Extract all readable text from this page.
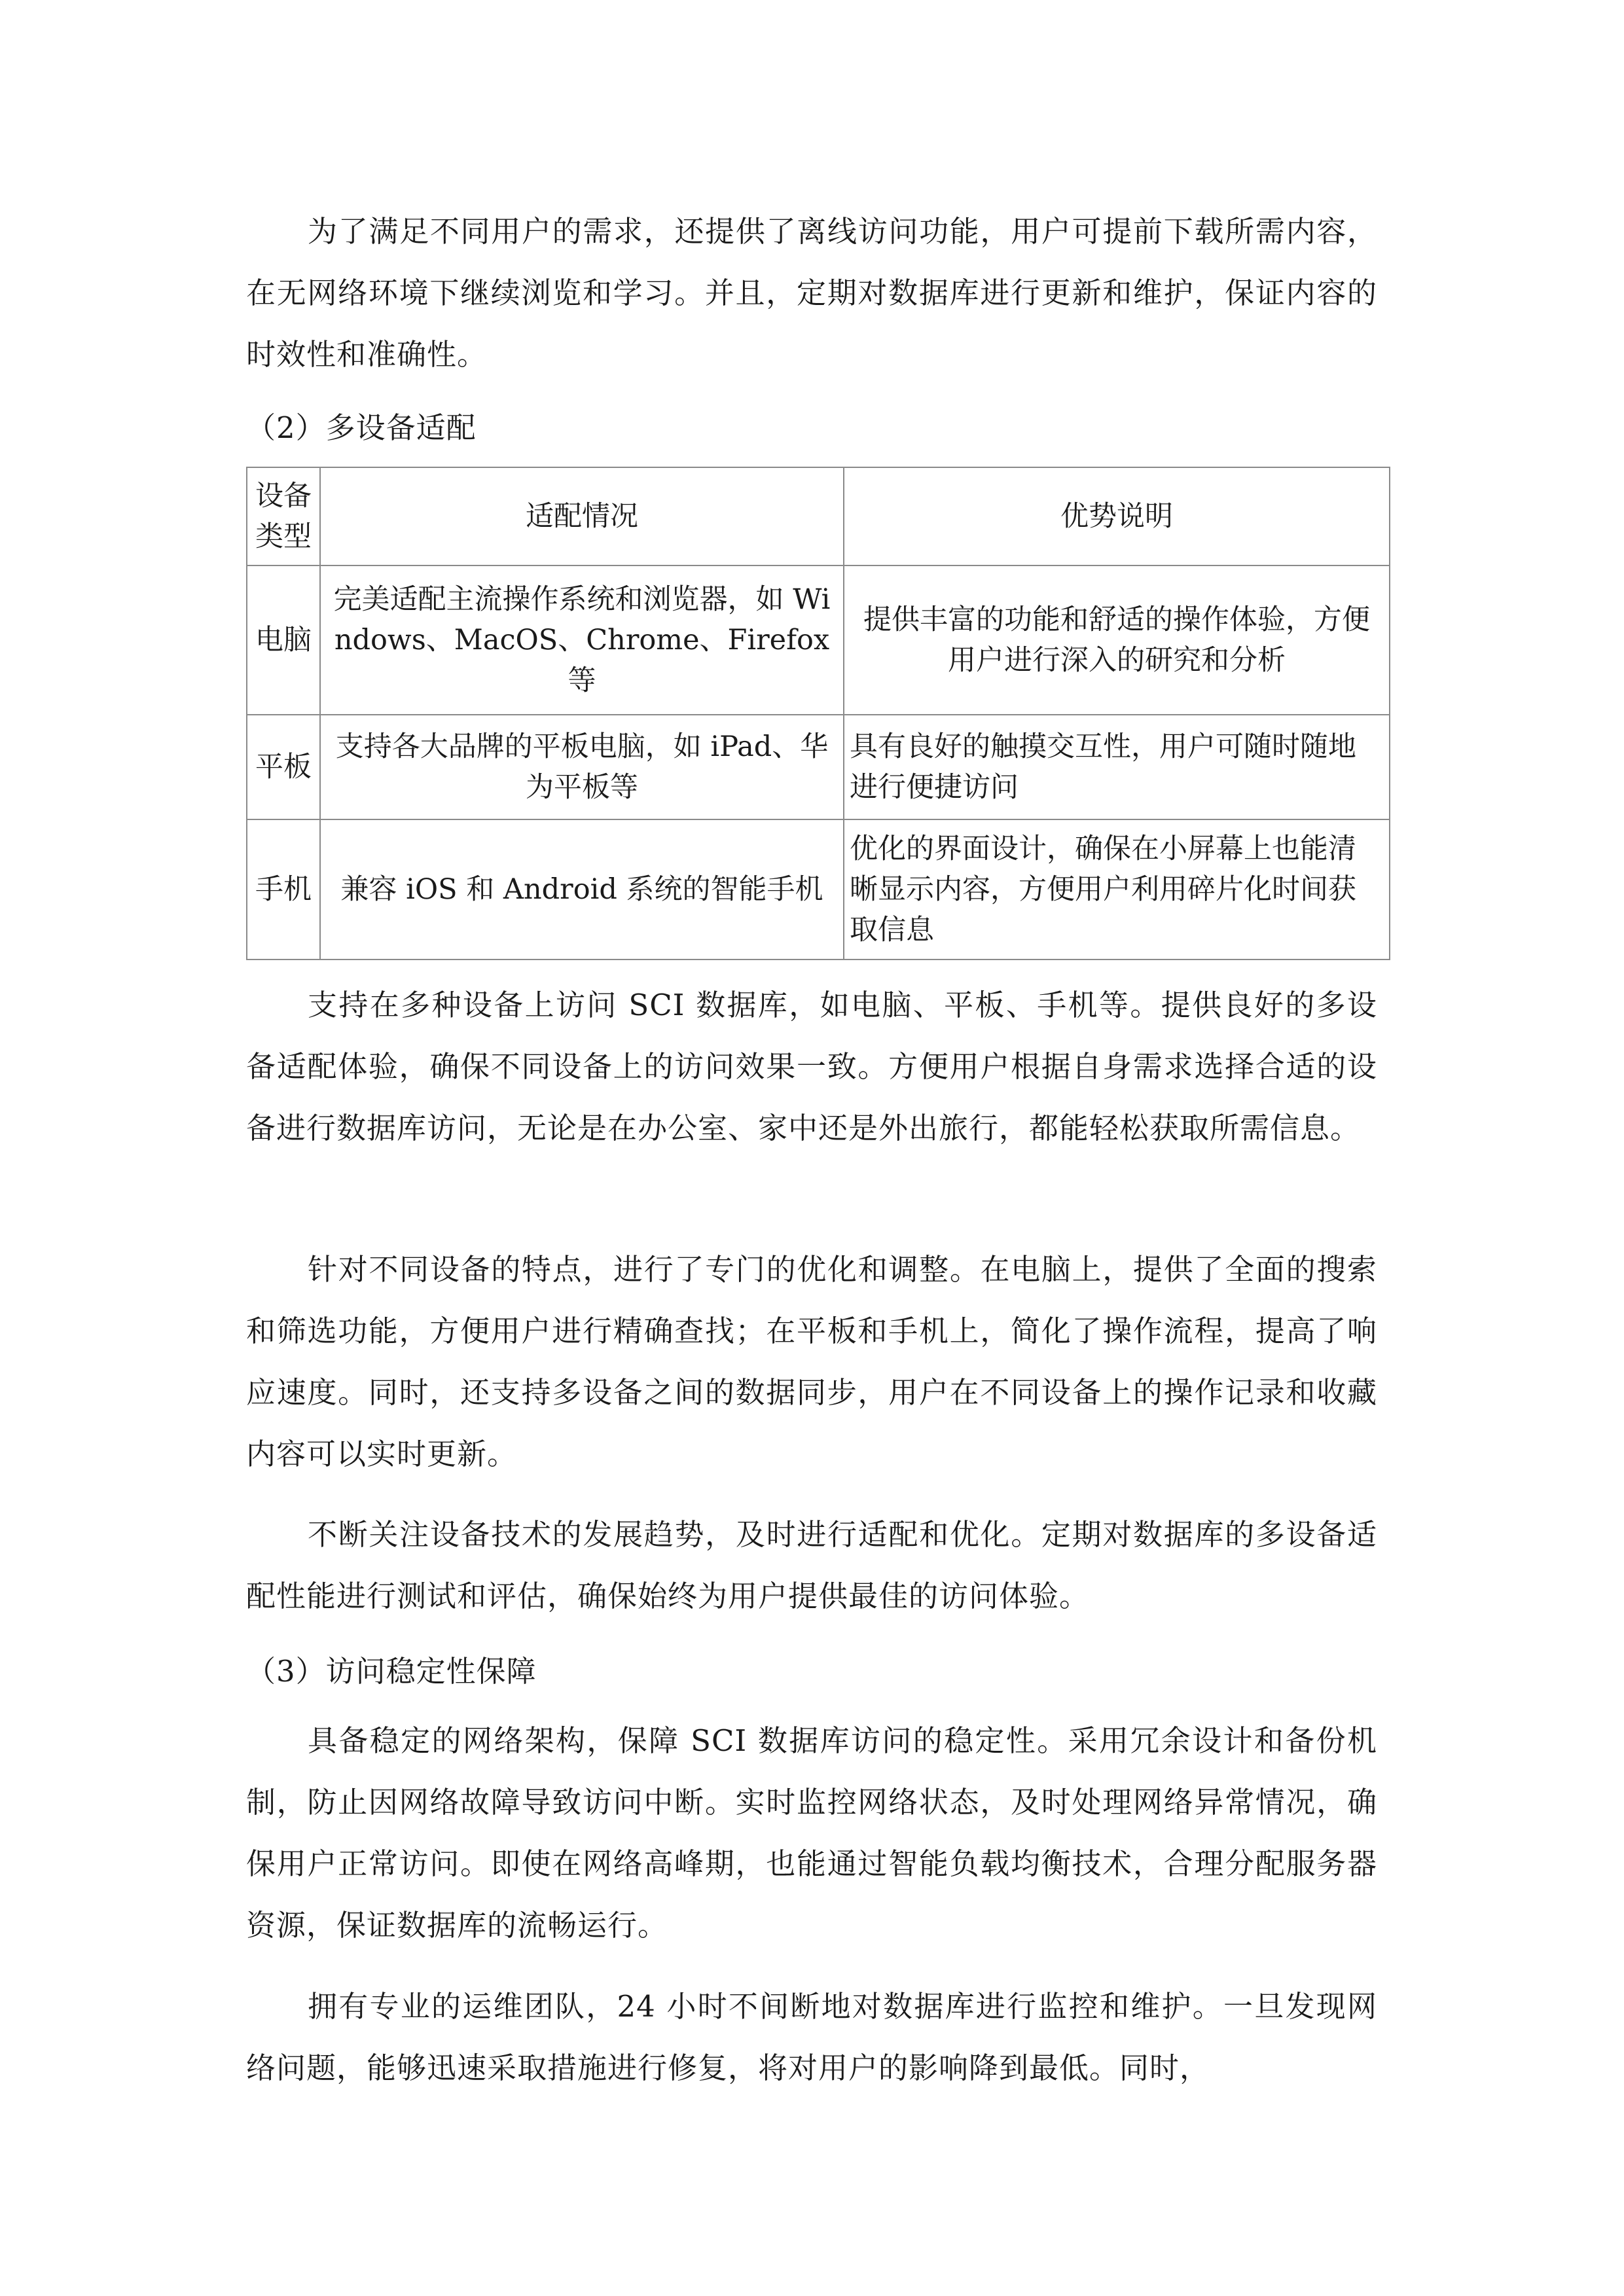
为了满足不同用户的需求，还提供了离线访问功能，用户可提前下载所需内容，在无网络环境下继续浏览和学习。并且，定期对数据库进行更新和维护，保证内容的时效性和准确性。

（2）多设备适配

设备类型	适配情况	优势说明
电脑	完美适配主流操作系统和浏览器，如 Windows、MacOS、Chrome、Firefox 等	提供丰富的功能和舒适的操作体验，方便用户进行深入的研究和分析
平板	支持各大品牌的平板电脑，如 iPad、华为平板等	具有良好的触摸交互性，用户可随时随地进行便捷访问
手机	兼容 iOS 和 Android 系统的智能手机	优化的界面设计，确保在小屏幕上也能清晰显示内容，方便用户利用碎片化时间获取信息

支持在多种设备上访问 SCI 数据库，如电脑、平板、手机等。提供良好的多设备适配体验，确保不同设备上的访问效果一致。方便用户根据自身需求选择合适的设备进行数据库访问，无论是在办公室、家中还是外出旅行，都能轻松获取所需信息。

针对不同设备的特点，进行了专门的优化和调整。在电脑上，提供了全面的搜索和筛选功能，方便用户进行精确查找；在平板和手机上，简化了操作流程，提高了响应速度。同时，还支持多设备之间的数据同步，用户在不同设备上的操作记录和收藏内容可以实时更新。

不断关注设备技术的发展趋势，及时进行适配和优化。定期对数据库的多设备适配性能进行测试和评估，确保始终为用户提供最佳的访问体验。

（3）访问稳定性保障

具备稳定的网络架构，保障 SCI 数据库访问的稳定性。采用冗余设计和备份机制，防止因网络故障导致访问中断。实时监控网络状态，及时处理网络异常情况，确保用户正常访问。即使在网络高峰期，也能通过智能负载均衡技术，合理分配服务器资源，保证数据库的流畅运行。

拥有专业的运维团队，24 小时不间断地对数据库进行监控和维护。一旦发现网络问题，能够迅速采取措施进行修复，将对用户的影响降到最低。同时，
